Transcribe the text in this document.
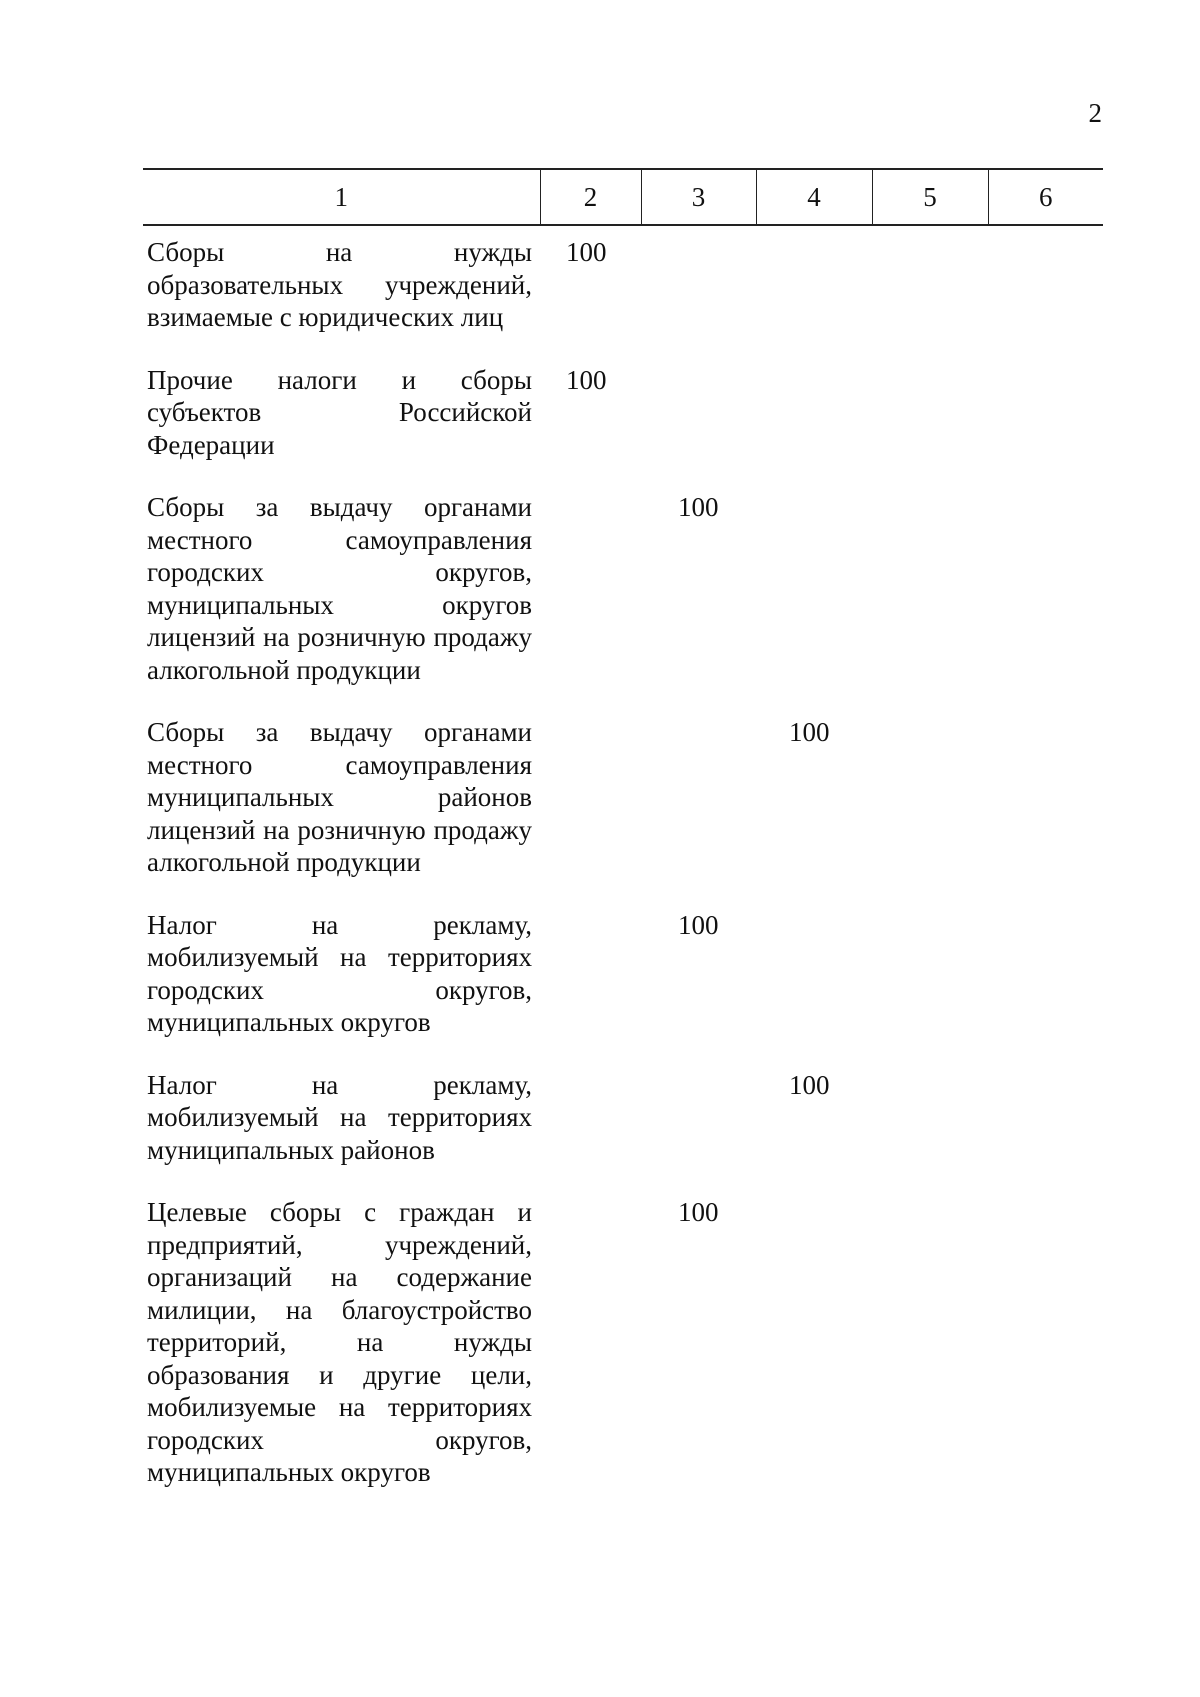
2
1	2	3	4	5	6
Сборы на нужды образовательных учреждений, взимаемые с юридических лиц	100				
Прочие налоги и сборы субъектов Российской Федерации	100				
Сборы за выдачу органами местного самоуправления городских округов, муниципальных округов лицензий на розничную продажу алкогольной продукции		100			
Сборы за выдачу органами местного самоуправления муниципальных районов лицензий на розничную продажу алкогольной продукции			100		
Налог на рекламу, мобилизуемый на территориях городских округов, муниципальных округов		100			
Налог на рекламу, мобилизуемый на территориях муниципальных районов			100		
Целевые сборы с граждан и предприятий, учреждений, организаций на содержание милиции, на благоустройство территорий, на нужды образования и другие цели, мобилизуемые на территориях городских округов, муниципальных округов		100			
